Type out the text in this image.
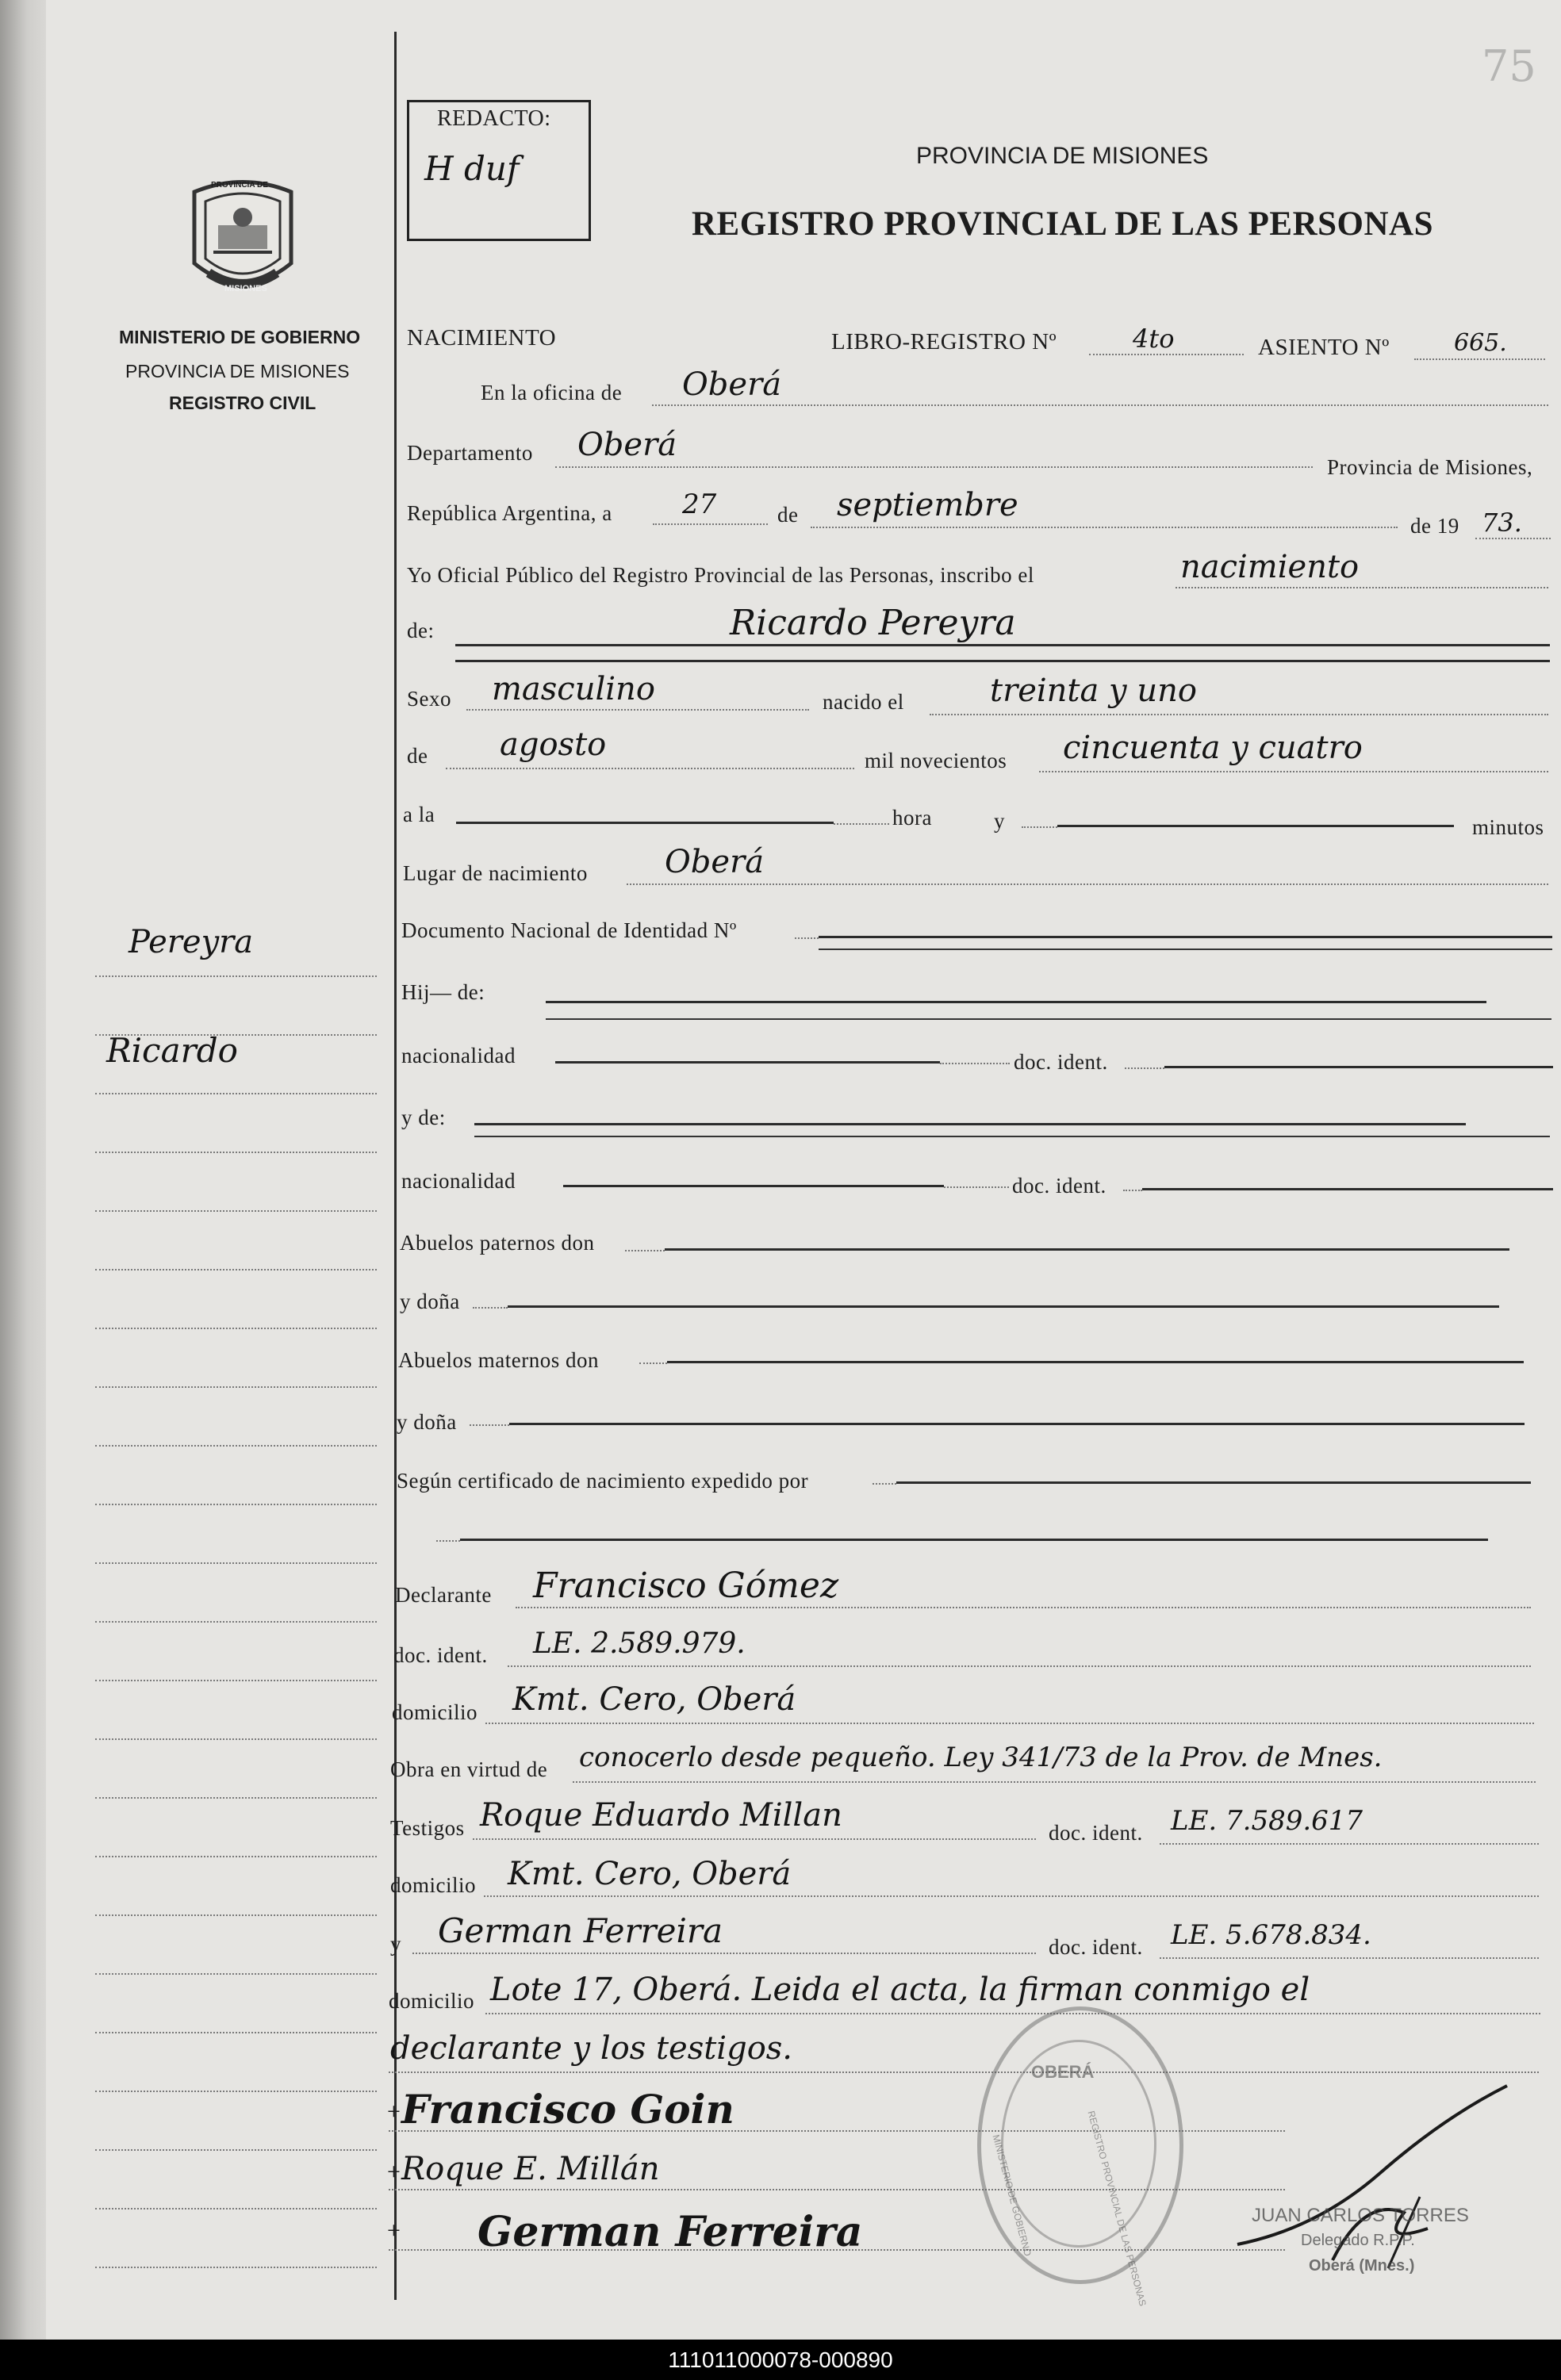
75
PROVINCIA DE
MISIONES
MINISTERIO DE GOBIERNO
PROVINCIA DE MISIONES
REGISTRO CIVIL
Pereyra
Ricardo
REDACTO:
H duf	PROVINCIA DE MISIONES
REGISTRO PROVINCIAL DE LAS PERSONAS
NACIMIENTO	LIBRO-REGISTRO Nº	4to	ASIENTO Nº	665.
En la oficina de Oberá
Departamento Oberá
Provincia de Misiones,
República Argentina, a	27	de septiembre
de 19 73.
Yo Oficial Público del Registro Provincial de las Personas, inscribo el	nacimiento
de:	Ricardo Pereyra
Sexo masculino	nacido el	treinta y uno
de agosto	mil novecientos cincuenta y cuatro
a la	hora	y	minutos
Lugar de nacimiento Oberá
Documento Nacional de Identidad Nº
Hij— de:
nacionalidad	doc. ident.
y de:
nacionalidad	doc. ident.
Abuelos paternos don
y doña
Abuelos maternos don
y doña
Según certificado de nacimiento expedido por
Declarante Francisco Gómez
doc. ident. LE. 2.589.979.
domicilio Kmt. Cero, Oberá
Obra en virtud de conocerlo desde pequeño. Ley 341/73 de la Prov. de Mnes.
Testigos Roque Eduardo Millan	doc. ident. LE. 7.589.617
domicilio Kmt. Cero, Oberá
y German Ferreira	doc. ident. LE. 5.678.834.
domicilio Lote 17, Oberá. Leida el acta, la firman conmigo el
declarante y los testigos.
Francisco Goin
Roque E. Millán
German Ferreira
+
+
+
OBERÁ
REGISTRO PROVINCIAL DE LAS PERSONAS
MINISTERIO DE GOBIERNO	JUAN CARLOS TORRES
Delegado R.P.P.
Oberá (Mnes.)
111011000078-000890
